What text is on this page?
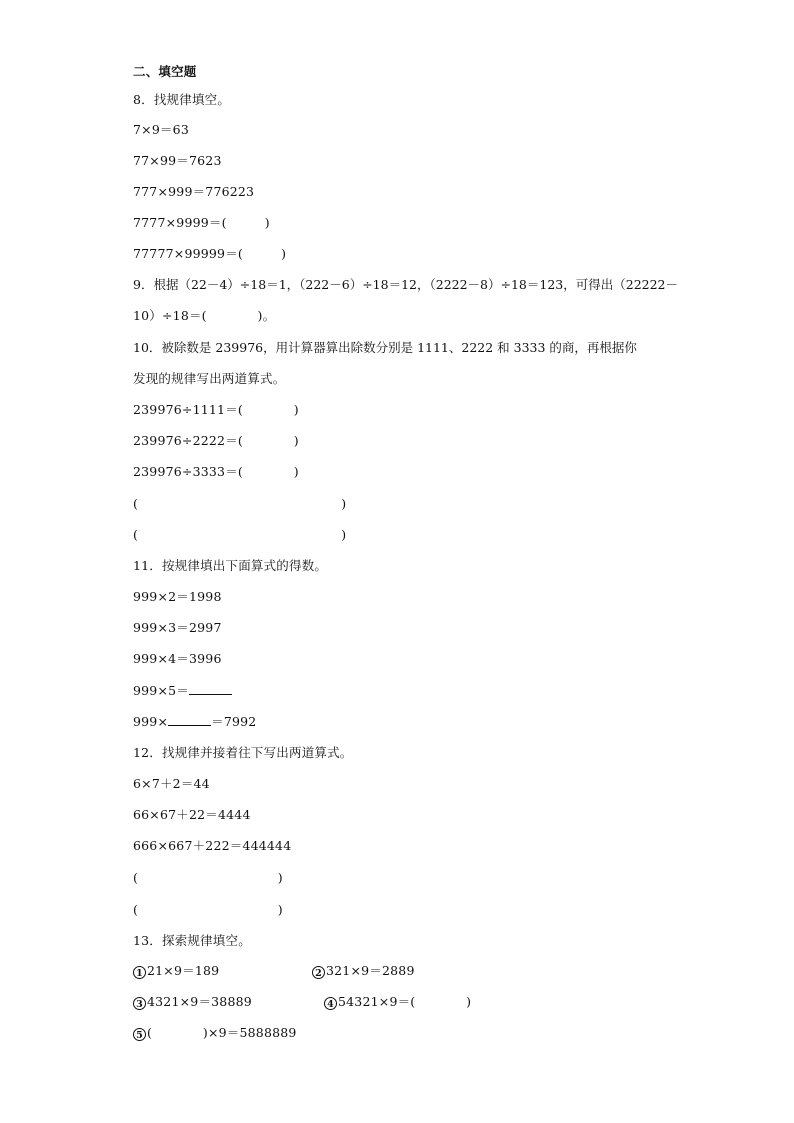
二、填空题
8．找规律填空。
7×9＝63
77×99＝7623
777×999＝776223
7777×9999＝(　　　)
77777×99999＝(　　　)
9．根据（22－4）÷18＝1，（222－6）÷18＝12，（2222－8）÷18＝123，可得出（22222－
10）÷18＝(　　　　)。
10．被除数是 239976，用计算器算出除数分别是 1111、2222 和 3333 的商，再根据你
发现的规律写出两道算式。
239976÷1111＝(　　　　)
239976÷2222＝(　　　　)
239976÷3333＝(　　　　)
(　　　　　　　　　　　　　　　　)
(　　　　　　　　　　　　　　　　)
11．按规律填出下面算式的得数。
999×2＝1998
999×3＝2997
999×4＝3996
999×5＝
999×	＝7992
12．找规律并接着往下写出两道算式。
6×7＋2＝44
66×67＋22＝4444
666×667＋222＝444444
(　　　　　　　　　　　)
(　　　　　　　　　　　)
13．探索规律填空。
1 21×9＝189	2 321×9＝2889
3 4321×9＝38889	4 54321×9＝(　　　　)
5 (　　　　)×9＝5888889
